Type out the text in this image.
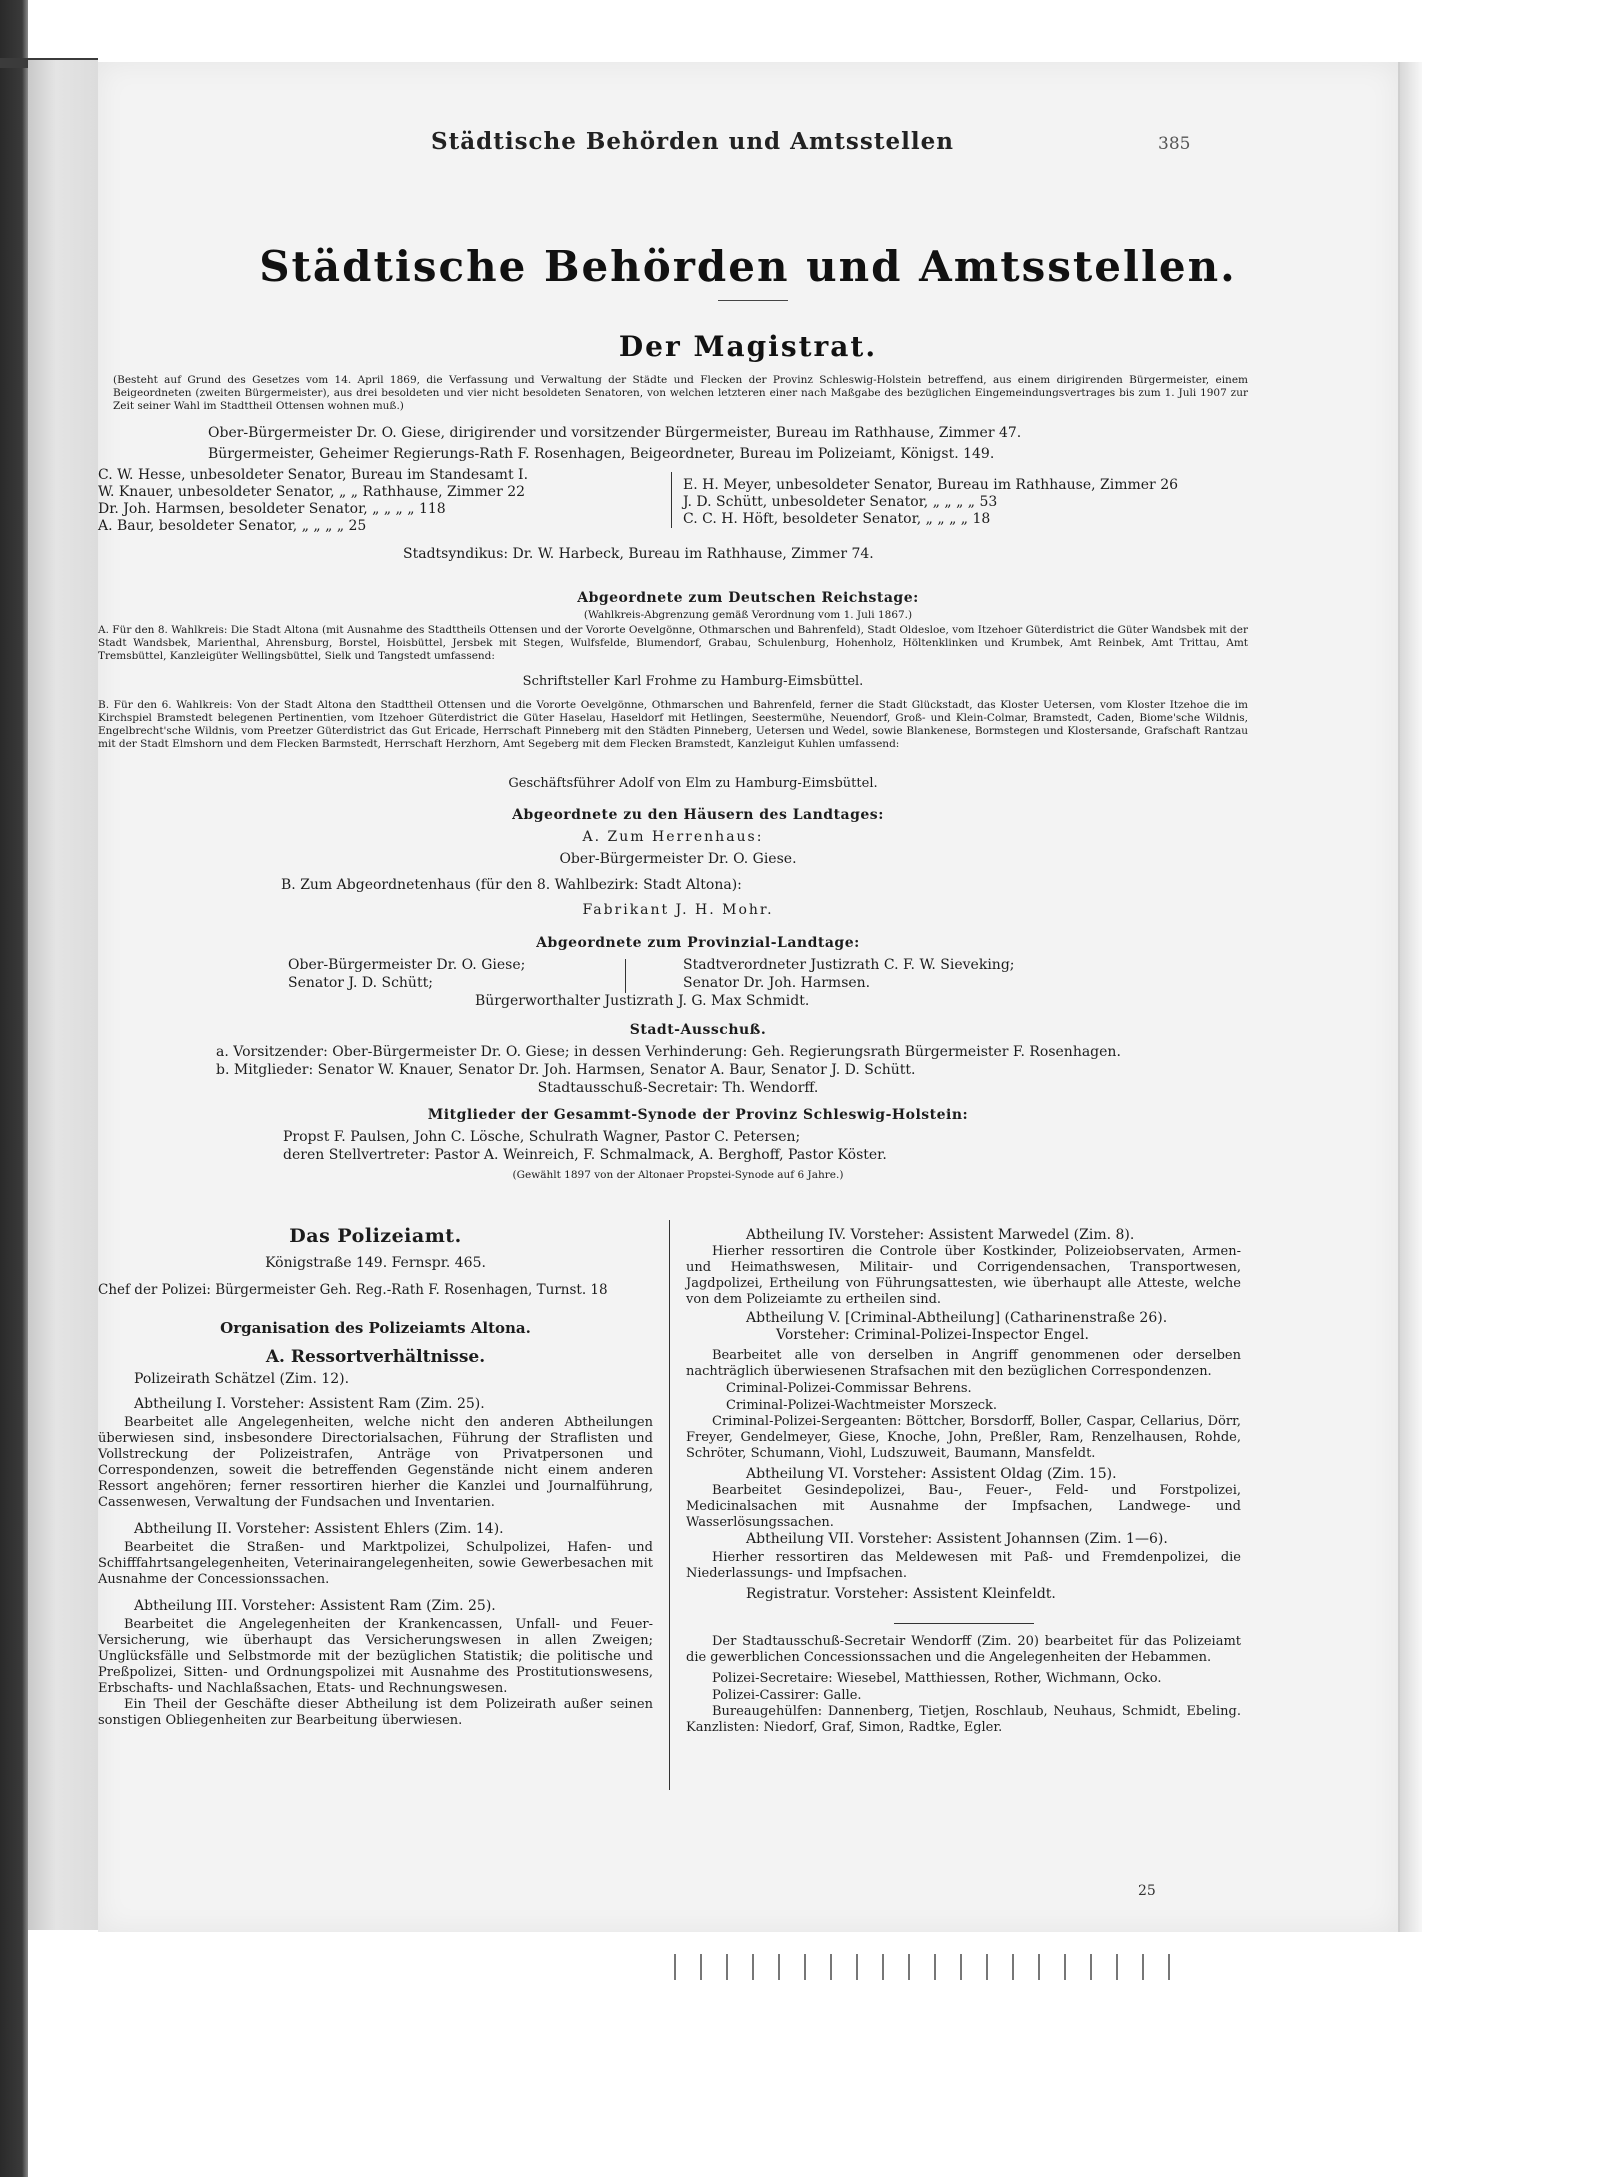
Städtische Behörden und Amtsstellen	385
Städtische Behörden und Amtsstellen.
Der Magistrat.
(Besteht auf Grund des Gesetzes vom 14. April 1869, die Verfassung und Verwaltung der Städte und Flecken der Provinz Schleswig-Holstein betreffend, aus einem dirigirenden Bürgermeister, einem Beigeordneten (zweiten Bürgermeister), aus drei besoldeten und vier nicht besoldeten Senatoren, von welchen letzteren einer nach Maßgabe des bezüglichen Eingemeindungsvertrages bis zum 1. Juli 1907 zur Zeit seiner Wahl im Stadttheil Ottensen wohnen muß.)
Ober-Bürgermeister Dr. O. Giese, dirigirender und vorsitzender Bürgermeister, Bureau im Rathhause, Zimmer 47.
Bürgermeister, Geheimer Regierungs-Rath F. Rosenhagen, Beigeordneter, Bureau im Polizeiamt, Königst. 149.
C. W. Hesse, unbesoldeter Senator, Bureau im Standesamt I.
W. Knauer, unbesoldeter Senator, „ „ Rathhause, Zimmer 22
Dr. Joh. Harmsen, besoldeter Senator, „ „ „ „ 118
A. Baur, besoldeter Senator, „ „ „ „ 25
E. H. Meyer, unbesoldeter Senator, Bureau im Rathhause, Zimmer 26
J. D. Schütt, unbesoldeter Senator, „ „ „ „ 53
C. C. H. Höft, besoldeter Senator, „ „ „ „ 18
Stadtsyndikus: Dr. W. Harbeck, Bureau im Rathhause, Zimmer 74.
Abgeordnete zum Deutschen Reichstage:
(Wahlkreis-Abgrenzung gemäß Verordnung vom 1. Juli 1867.)
A. Für den 8. Wahlkreis: Die Stadt Altona (mit Ausnahme des Stadttheils Ottensen und der Vororte Oevelgönne, Othmarschen und Bahrenfeld), Stadt Oldesloe, vom Itzehoer Güterdistrict die Güter Wandsbek mit der Stadt Wandsbek, Marienthal, Ahrensburg, Borstel, Hoisbüttel, Jersbek mit Stegen, Wulfsfelde, Blumendorf, Grabau, Schulenburg, Hohenholz, Höltenklinken und Krumbek, Amt Reinbek, Amt Trittau, Amt Tremsbüttel, Kanzleigüter Wellingsbüttel, Sielk und Tangstedt umfassend:
Schriftsteller Karl Frohme zu Hamburg-Eimsbüttel.
B. Für den 6. Wahlkreis: Von der Stadt Altona den Stadttheil Ottensen und die Vororte Oevelgönne, Othmarschen und Bahrenfeld, ferner die Stadt Glückstadt, das Kloster Uetersen, vom Kloster Itzehoe die im Kirchspiel Bramstedt belegenen Pertinentien, vom Itzehoer Güterdistrict die Güter Haselau, Haseldorf mit Hetlingen, Seestermühe, Neuendorf, Groß- und Klein-Colmar, Bramstedt, Caden, Biome'sche Wildnis, Engelbrecht'sche Wildnis, vom Preetzer Güterdistrict das Gut Ericade, Herrschaft Pinneberg mit den Städten Pinneberg, Uetersen und Wedel, sowie Blankenese, Bormstegen und Klostersande, Grafschaft Rantzau mit der Stadt Elmshorn und dem Flecken Barmstedt, Herrschaft Herzhorn, Amt Segeberg mit dem Flecken Bramstedt, Kanzleigut Kuhlen umfassend:
Geschäftsführer Adolf von Elm zu Hamburg-Eimsbüttel.
Abgeordnete zu den Häusern des Landtages:
A. Zum Herrenhaus:
Ober-Bürgermeister Dr. O. Giese.
B. Zum Abgeordnetenhaus (für den 8. Wahlbezirk: Stadt Altona):
Fabrikant J. H. Mohr.
Abgeordnete zum Provinzial-Landtage:
Ober-Bürgermeister Dr. O. Giese;
Senator J. D. Schütt;
Stadtverordneter Justizrath C. F. W. Sieveking;
Senator Dr. Joh. Harmsen.
Bürgerworthalter Justizrath J. G. Max Schmidt.
Stadt-Ausschuß.
a. Vorsitzender: Ober-Bürgermeister Dr. O. Giese; in dessen Verhinderung: Geh. Regierungsrath Bürgermeister F. Rosenhagen.
b. Mitglieder: Senator W. Knauer, Senator Dr. Joh. Harmsen, Senator A. Baur, Senator J. D. Schütt.
Stadtausschuß-Secretair: Th. Wendorff.
Mitglieder der Gesammt-Synode der Provinz Schleswig-Holstein:
Propst F. Paulsen, John C. Lösche, Schulrath Wagner, Pastor C. Petersen;
deren Stellvertreter: Pastor A. Weinreich, F. Schmalmack, A. Berghoff, Pastor Köster.
(Gewählt 1897 von der Altonaer Propstei-Synode auf 6 Jahre.)
Das Polizeiamt.
Königstraße 149. Fernspr. 465.
Chef der Polizei: Bürgermeister Geh. Reg.-Rath F. Rosenhagen, Turnst. 18
Organisation des Polizeiamts Altona.
A. Ressortverhältnisse.
Polizeirath Schätzel (Zim. 12).
Abtheilung I. Vorsteher: Assistent Ram (Zim. 25).
Bearbeitet alle Angelegenheiten, welche nicht den anderen Abtheilungen überwiesen sind, insbesondere Directorialsachen, Führung der Straflisten und Vollstreckung der Polizeistrafen, Anträge von Privatpersonen und Correspondenzen, soweit die betreffenden Gegenstände nicht einem anderen Ressort angehören; ferner ressortiren hierher die Kanzlei und Journalführung, Cassenwesen, Verwaltung der Fundsachen und Inventarien.
Abtheilung II. Vorsteher: Assistent Ehlers (Zim. 14).
Bearbeitet die Straßen- und Marktpolizei, Schulpolizei, Hafen- und Schifffahrtsangelegenheiten, Veterinairangelegenheiten, sowie Gewerbesachen mit Ausnahme der Concessionssachen.
Abtheilung III. Vorsteher: Assistent Ram (Zim. 25).
Bearbeitet die Angelegenheiten der Krankencassen, Unfall- und Feuer-Versicherung, wie überhaupt das Versicherungswesen in allen Zweigen; Unglücksfälle und Selbstmorde mit der bezüglichen Statistik; die politische und Preßpolizei, Sitten- und Ordnungspolizei mit Ausnahme des Prostitutionswesens, Erbschafts- und Nachlaßsachen, Etats- und Rechnungswesen.
Ein Theil der Geschäfte dieser Abtheilung ist dem Polizeirath außer seinen sonstigen Obliegenheiten zur Bearbeitung überwiesen.
Abtheilung IV. Vorsteher: Assistent Marwedel (Zim. 8).
Hierher ressortiren die Controle über Kostkinder, Polizeiobservaten, Armen- und Heimathswesen, Militair- und Corrigendensachen, Transportwesen, Jagdpolizei, Ertheilung von Führungsattesten, wie überhaupt alle Atteste, welche von dem Polizeiamte zu ertheilen sind.
Abtheilung V. [Criminal-Abtheilung] (Catharinenstraße 26).
Vorsteher: Criminal-Polizei-Inspector Engel.
Bearbeitet alle von derselben in Angriff genommenen oder derselben nachträglich überwiesenen Strafsachen mit den bezüglichen Correspondenzen.
Criminal-Polizei-Commissar Behrens.
Criminal-Polizei-Wachtmeister Morszeck.
Criminal-Polizei-Sergeanten: Böttcher, Borsdorff, Boller, Caspar, Cellarius, Dörr, Freyer, Gendelmeyer, Giese, Knoche, John, Preßler, Ram, Renzelhausen, Rohde, Schröter, Schumann, Viohl, Ludszuweit, Baumann, Mansfeldt.
Abtheilung VI. Vorsteher: Assistent Oldag (Zim. 15).
Bearbeitet Gesindepolizei, Bau-, Feuer-, Feld- und Forstpolizei, Medicinalsachen mit Ausnahme der Impfsachen, Landwege- und Wasserlösungssachen.
Abtheilung VII. Vorsteher: Assistent Johannsen (Zim. 1—6).
Hierher ressortiren das Meldewesen mit Paß- und Fremdenpolizei, die Niederlassungs- und Impfsachen.
Registratur. Vorsteher: Assistent Kleinfeldt.
Der Stadtausschuß-Secretair Wendorff (Zim. 20) bearbeitet für das Polizeiamt die gewerblichen Concessionssachen und die Angelegenheiten der Hebammen.
Polizei-Secretaire: Wiesebel, Matthiessen, Rother, Wichmann, Ocko.
Polizei-Cassirer: Galle.
Bureaugehülfen: Dannenberg, Tietjen, Roschlaub, Neuhaus, Schmidt, Ebeling. Kanzlisten: Niedorf, Graf, Simon, Radtke, Egler.
25
